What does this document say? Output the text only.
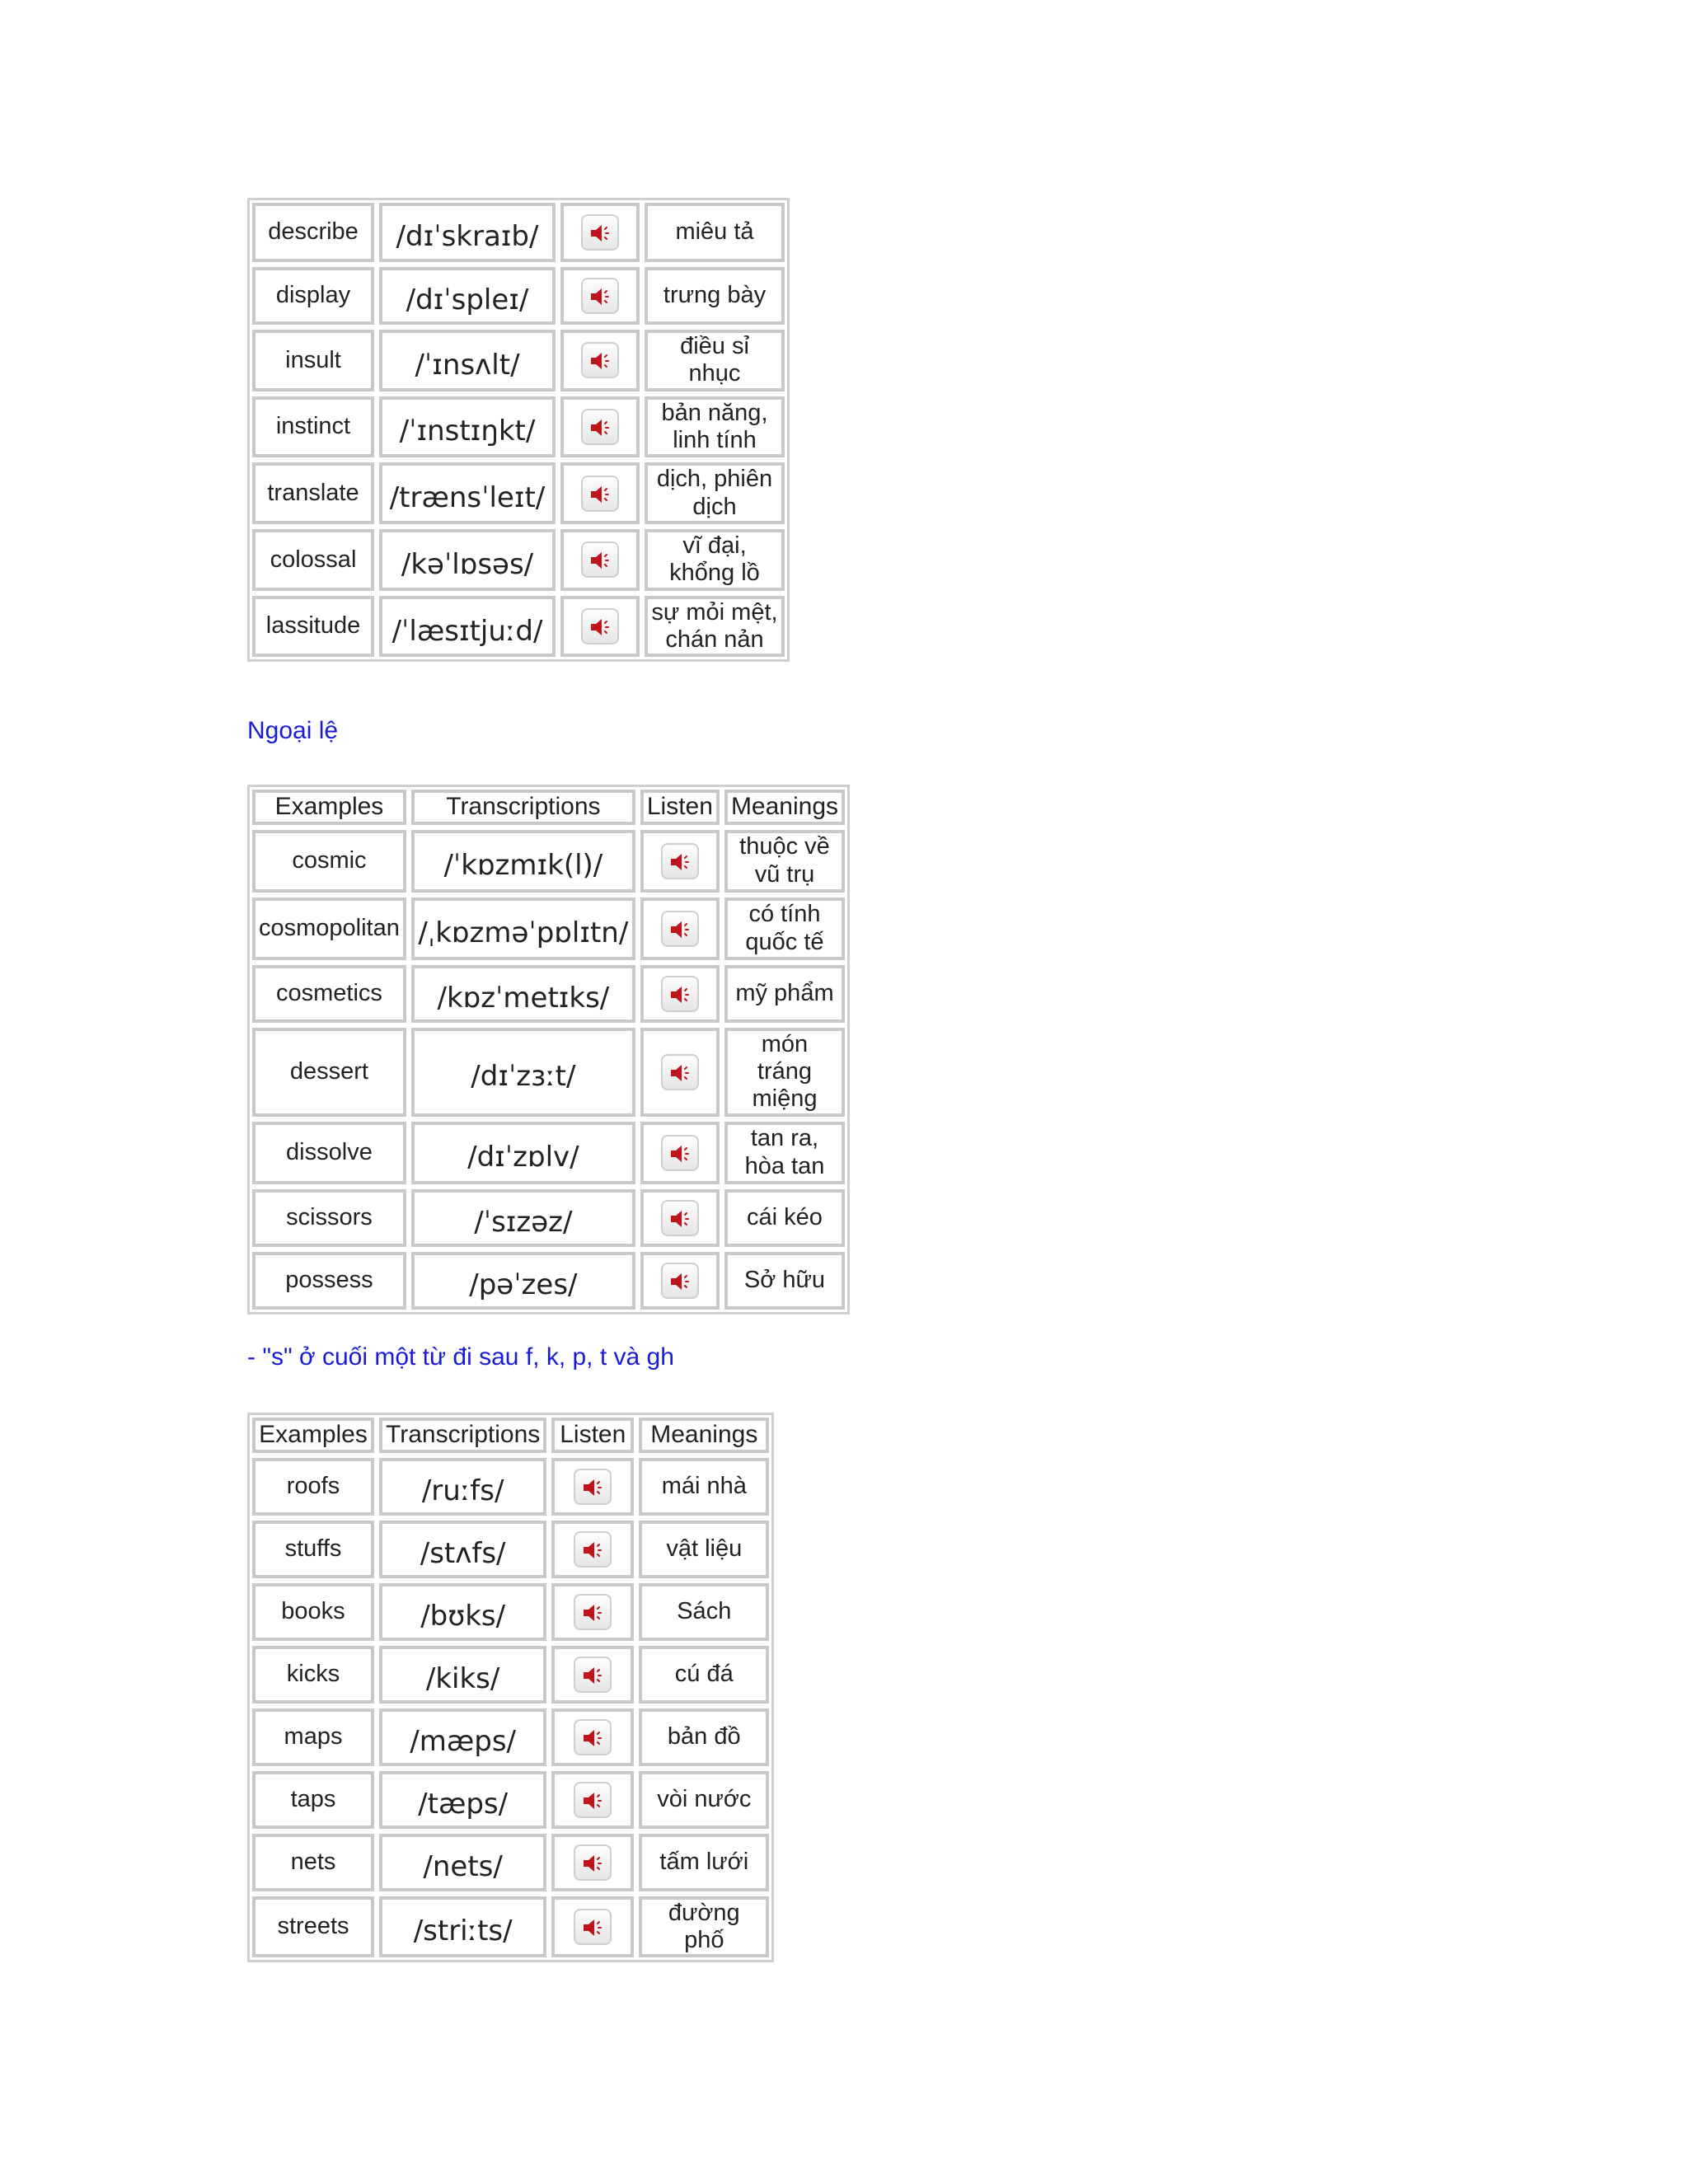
describe	/dɪˈskraɪb/		miêu tả
display	/dɪˈspleɪ/		trưng bày
insult	/ˈɪnsʌlt/		điều sỉ nhục
instinct	/ˈɪnstɪŋkt/		bản năng, linh tính
translate	/trænsˈleɪt/		dịch, phiên dịch
colossal	/kəˈlɒsəs/		vĩ đại, khổng lồ
lassitude	/ˈlæsɪtjuːd/		sự mỏi mệt, chán nản
Ngoại lệ
Examples	Transcriptions	Listen	Meanings
cosmic	/ˈkɒzmɪk(l)/		thuộc về vũ trụ
cosmopolitan	/ˌkɒzməˈpɒlɪtn/		có tính quốc tế
cosmetics	/kɒzˈmetɪks/		mỹ phẩm
dessert	/dɪˈzɜːt/		món tráng miệng
dissolve	/dɪˈzɒlv/		tan ra, hòa tan
scissors	/ˈsɪzəz/		cái kéo
possess	/pəˈzes/		Sở hữu
- "s" ở cuối một từ đi sau f, k, p, t và gh
Examples	Transcriptions	Listen	Meanings
roofs	/ruːfs/		mái nhà
stuffs	/stʌfs/		vật liệu
books	/bʊks/		Sách
kicks	/kiks/		cú đá
maps	/mæps/		bản đồ
taps	/tæps/		vòi nước
nets	/nets/		tấm lưới
streets	/striːts/		đường phố
